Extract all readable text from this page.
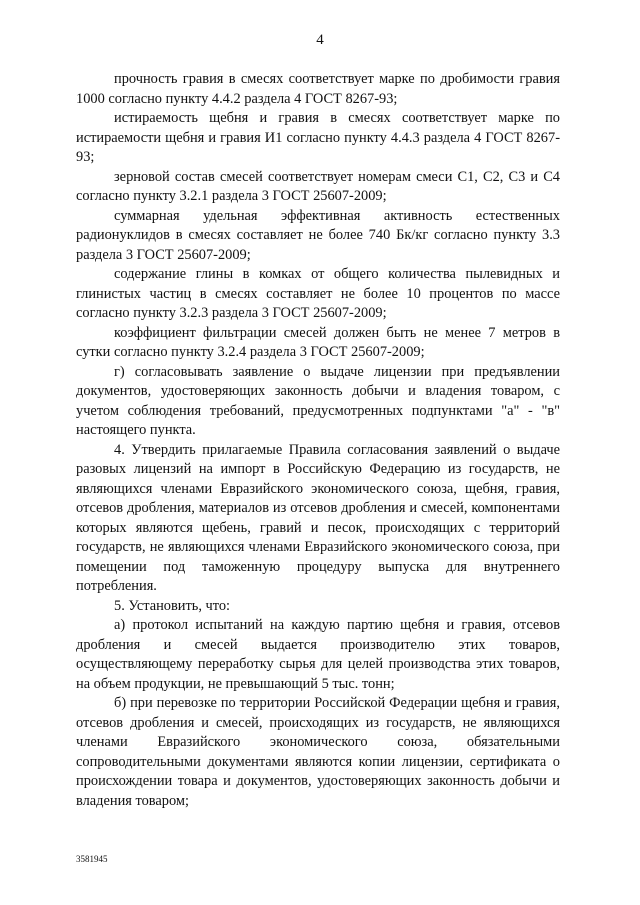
4

прочность гравия в смесях соответствует марке по дробимости гравия 1000 согласно пункту 4.4.2 раздела 4 ГОСТ 8267-93;

истираемость щебня и гравия в смесях соответствует марке по истираемости щебня и гравия И1 согласно пункту 4.4.3 раздела 4 ГОСТ 8267-93;

зерновой состав смесей соответствует номерам смеси С1, С2, С3 и С4 согласно пункту 3.2.1 раздела 3 ГОСТ 25607-2009;

суммарная удельная эффективная активность естественных радионуклидов в смесях составляет не более 740 Бк/кг согласно пункту 3.3 раздела 3 ГОСТ 25607-2009;

содержание глины в комках от общего количества пылевидных и глинистых частиц в смесях составляет не более 10 процентов по массе согласно пункту 3.2.3 раздела 3 ГОСТ 25607-2009;

коэффициент фильтрации смесей должен быть не менее 7 метров в сутки согласно пункту 3.2.4 раздела 3 ГОСТ 25607-2009;

г) согласовывать заявление о выдаче лицензии при предъявлении документов, удостоверяющих законность добычи и владения товаром, с учетом соблюдения требований, предусмотренных подпунктами "а" - "в" настоящего пункта.

4. Утвердить прилагаемые Правила согласования заявлений о выдаче разовых лицензий на импорт в Российскую Федерацию из государств, не являющихся членами Евразийского экономического союза, щебня, гравия, отсевов дробления, материалов из отсевов дробления и смесей, компонентами которых являются щебень, гравий и песок, происходящих с территорий государств, не являющихся членами Евразийского экономического союза, при помещении под таможенную процедуру выпуска для внутреннего потребления.

5. Установить, что:

а) протокол испытаний на каждую партию щебня и гравия, отсевов дробления и смесей выдается производителю этих товаров, осуществляющему переработку сырья для целей производства этих товаров, на объем продукции, не превышающий 5 тыс. тонн;

б) при перевозке по территории Российской Федерации щебня и гравия, отсевов дробления и смесей, происходящих из государств, не являющихся членами Евразийского экономического союза, обязательными сопроводительными документами являются копии лицензии, сертификата о происхождении товара и документов, удостоверяющих законность добычи и владения товаром;

3581945
